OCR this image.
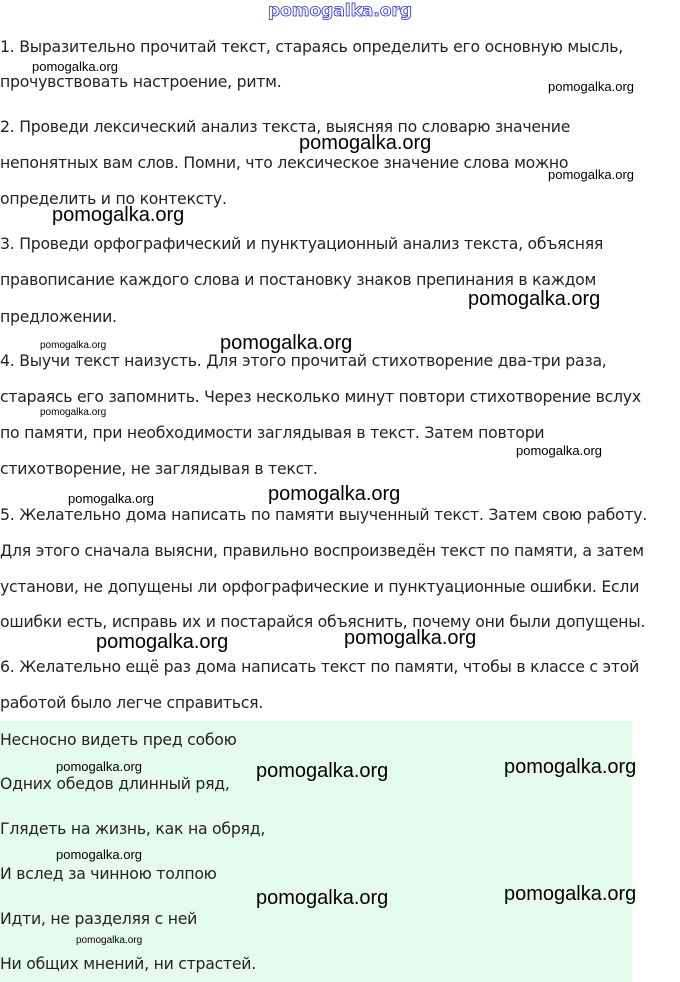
pomogalka.org
1. Выразительно прочитай текст, стараясь определить его основную мысль,
прочувствовать настроение, ритм.
2. Проведи лексический анализ текста, выясняя по словарю значение
непонятных вам слов. Помни, что лексическое значение слова можно
определить и по контексту.
3. Проведи орфографический и пунктуационный анализ текста, объясняя
правописание каждого слова и постановку знаков препинания в каждом
предложении.
4. Выучи текст наизусть. Для этого прочитай стихотворение два-три раза,
стараясь его запомнить. Через несколько минут повтори стихотворение вслух
по памяти, при необходимости заглядывая в текст. Затем повтори
стихотворение, не заглядывая в текст.
5. Желательно дома написать по памяти выученный текст. Затем свою работу.
Для этого сначала выясни, правильно воспроизведён текст по памяти, а затем
установи, не допущены ли орфографические и пунктуационные ошибки. Если
ошибки есть, исправь их и постарайся объяснить, почему они были допущены.
6. Желательно ещё раз дома написать текст по памяти, чтобы в классе с этой
работой было легче справиться.
Несносно видеть пред собою
Одних обедов длинный ряд,
Глядеть на жизнь, как на обряд,
И вслед за чинною толпою
Идти, не разделяя с ней
Ни общих мнений, ни страстей.
pomogalka.org
pomogalka.org
pomogalka.org
pomogalka.org
pomogalka.org
pomogalka.org
pomogalka.org
pomogalka.org
pomogalka.org
pomogalka.org
pomogalka.org	pomogalka.org
pomogalka.org	pomogalka.org
pomogalka.org	pomogalka.org	pomogalka.org
pomogalka.org
pomogalka.org	pomogalka.org
pomogalka.org
